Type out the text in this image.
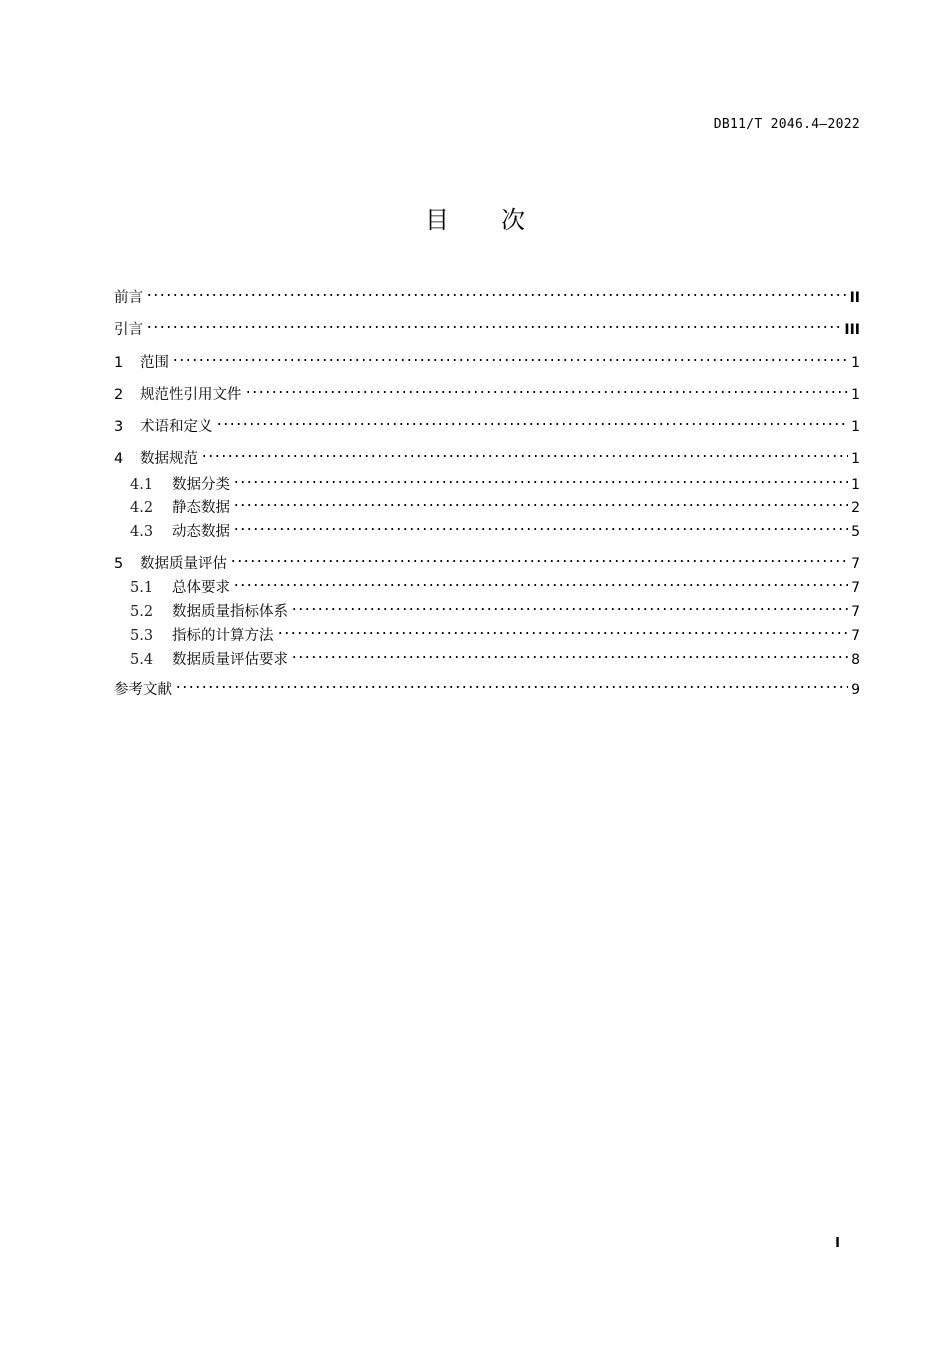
DB11/T 2046.4—2022
目 次
前言	II
引言	III
1	范围	1
2	规范性引用文件	1
3	术语和定义	1
4	数据规范	1
4.1	数据分类	1
4.2	静态数据	2
4.3	动态数据	5
5	数据质量评估	7
5.1	总体要求	7
5.2	数据质量指标体系	7
5.3	指标的计算方法	7
5.4	数据质量评估要求	8
参考文献	9
I
